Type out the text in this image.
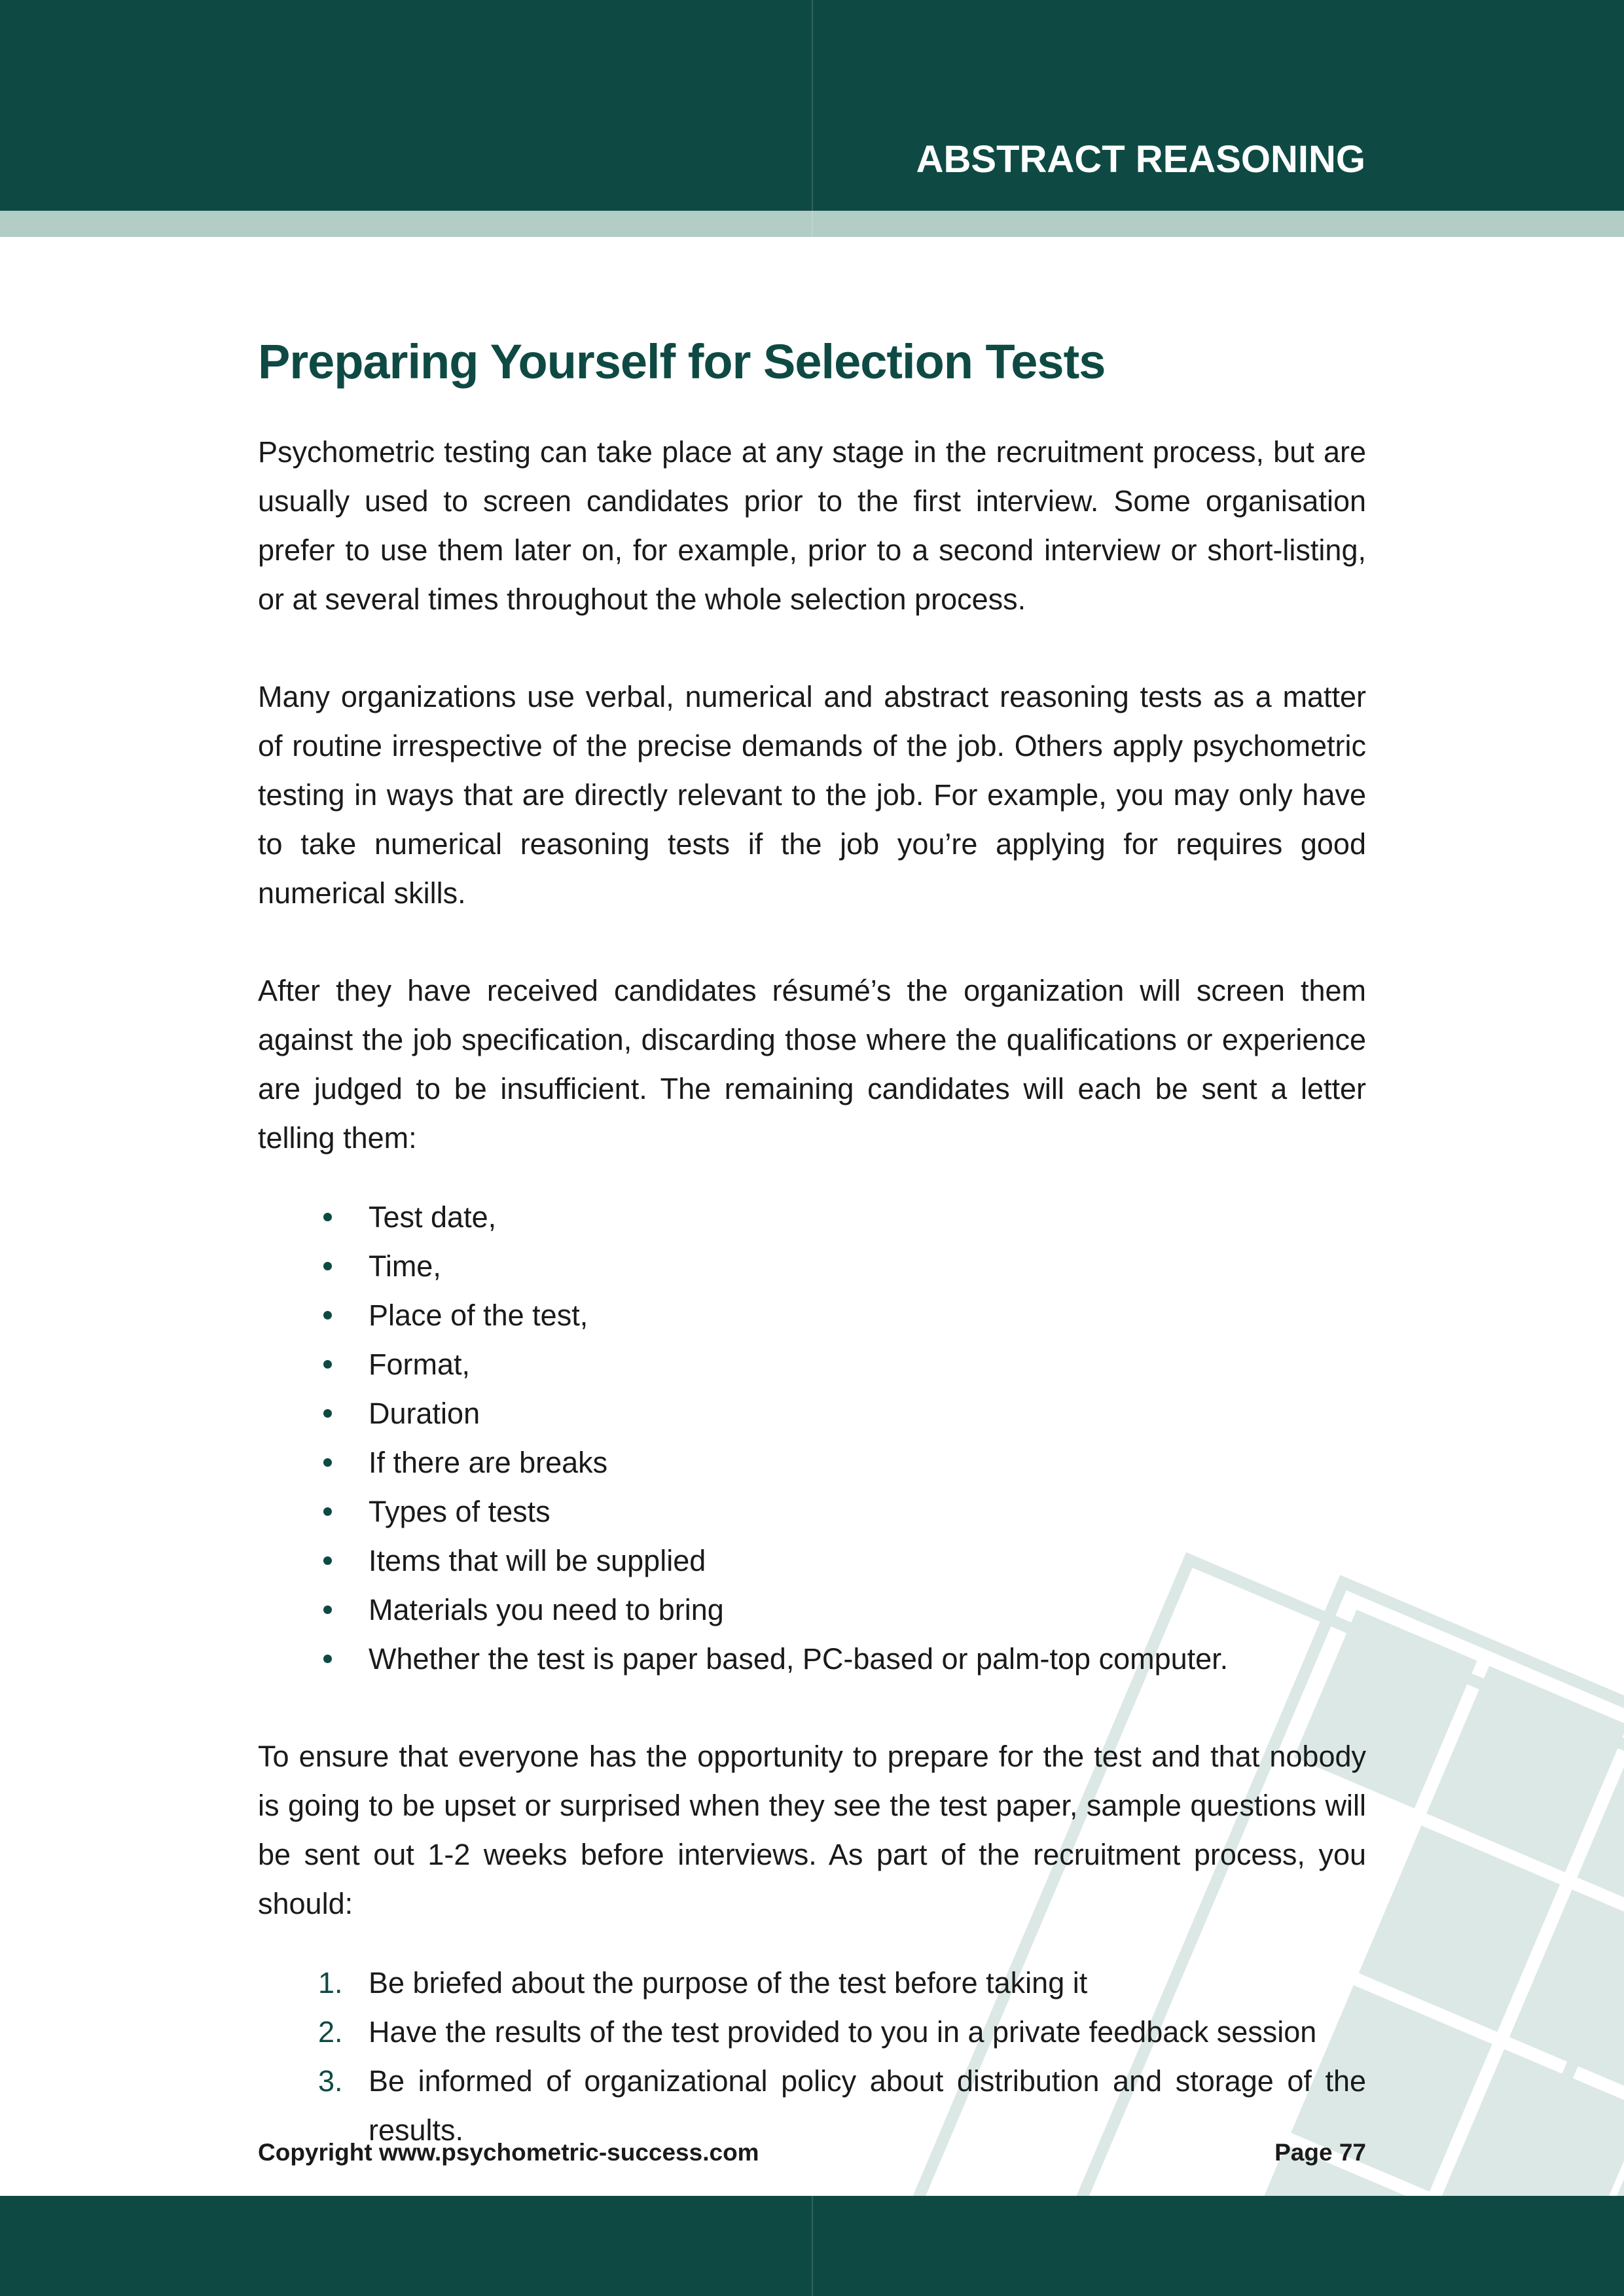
ABSTRACT REASONING
Preparing Yourself for Selection Tests

Psychometric testing can take place at any stage in the recruitment process, but are usually used to screen candidates prior to the first interview. Some organisation prefer to use them later on, for example, prior to a second interview or short-listing, or at several times throughout the whole selection process.

Many organizations use verbal, numerical and abstract reasoning tests as a matter of routine irrespective of the precise demands of the job. Others apply psychometric testing in ways that are directly relevant to the job. For example, you may only have to take numerical reasoning tests if the job you’re applying for requires good numerical skills.

After they have received candidates résumé’s the organization will screen them against the job specification, discarding those where the qualifications or experience are judged to be insufficient. The remaining candidates will each be sent a letter telling them:

Test date,
Time,
Place of the test,
Format,
Duration
If there are breaks
Types of tests
Items that will be supplied
Materials you need to bring
Whether the test is paper based, PC-based or palm-top computer.

To ensure that everyone has the opportunity to prepare for the test and that nobody is going to be upset or surprised when they see the test paper, sample questions will be sent out 1-2 weeks before interviews. As part of the recruitment process, you should:

1. Be briefed about the purpose of the test before taking it
2. Have the results of the test provided to you in a private feedback session
3. Be informed of organizational policy about distribution and storage of the results.
Copyright www.psychometric-success.com	Page 77
